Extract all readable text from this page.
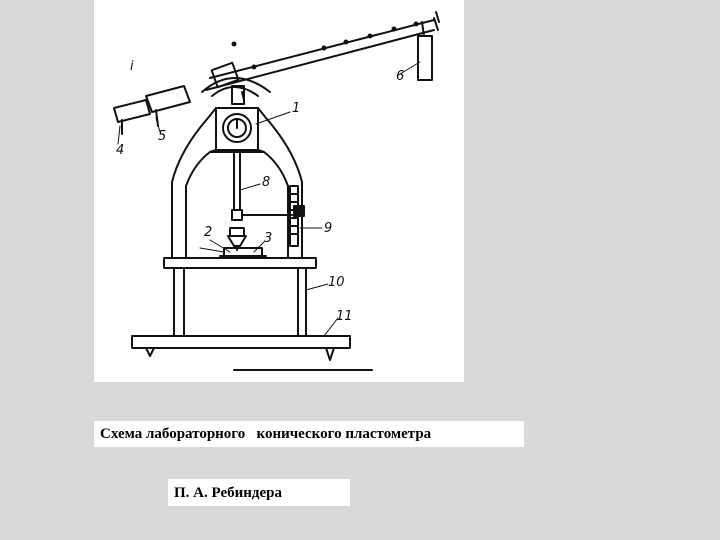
1
2	3
4
5
6
8
9
10
11
i
Схема лабораторного   конического пластометра
П. А. Ребиндера
